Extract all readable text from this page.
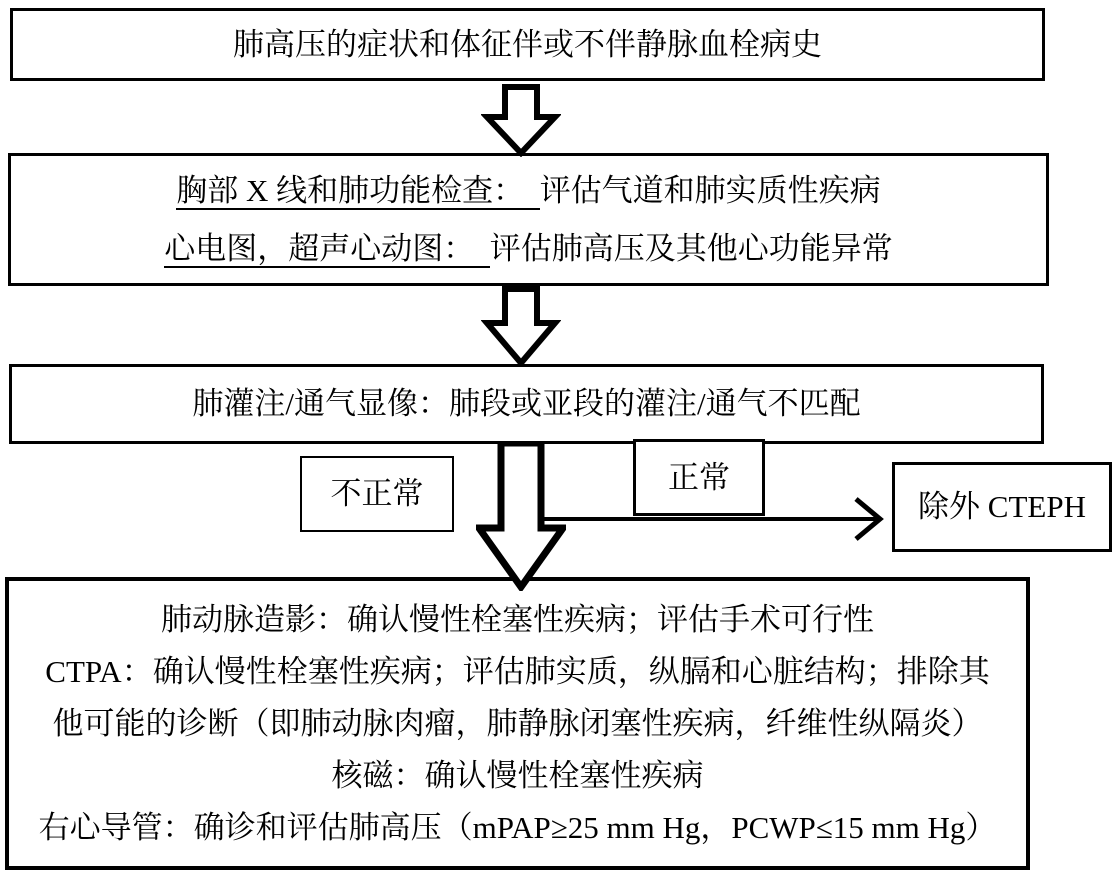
肺高压的症状和体征伴或不伴静脉血栓病史
胸部 X 线和肺功能检查：　评估气道和肺实质性疾病
心电图，超声心动图：　评估肺高压及其他心功能异常
肺灌注/通气显像：肺段或亚段的灌注/通气不匹配
不正常	正常
除外 CTEPH
肺动脉造影：确认慢性栓塞性疾病；评估手术可行性
CTPA：确认慢性栓塞性疾病；评估肺实质，纵膈和心脏结构；排除其
他可能的诊断（即肺动脉肉瘤，肺静脉闭塞性疾病，纤维性纵隔炎）
核磁：确认慢性栓塞性疾病
右心导管：确诊和评估肺高压（mPAP≥25 mm Hg，PCWP≤15 mm Hg）
